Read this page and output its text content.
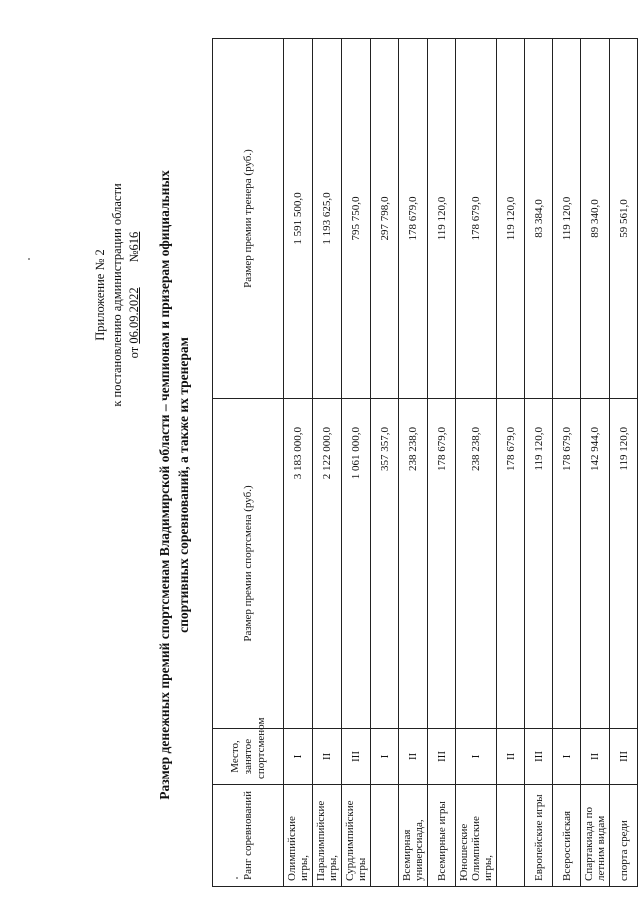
Приложение № 2 к постановлению администрации области от 06.09.2022        №616 Размер денежных премий спортсменам Владимирской области – чемпионам и призерам официальных спортивных соревнований, а также их тренерам
Ранг соревнований	Место, занятое спортсменом	Размер премии спортсмена (руб.)	Размер премии тренера (руб.)
Олимпийские игры,	I	3 183 000,0	1 591 500,0
Паралимпийские игры,	II	2 122 000,0	1 193 625,0
Сурдлимпийские игры	III	1 061 000,0	795 750,0
	I	357 357,0	297 798,0
Всемирная универсиада,	II	238 238,0	178 679,0
Всемирные игры	III	178 679,0	119 120,0
Юношеские Олимпийские игры,	I	238 238,0	178 679,0
	II	178 679,0	119 120,0
Европейские игры	III	119 120,0	83 384,0
Всероссийская	I	178 679,0	119 120,0
Спартакиада по летним видам	II	142 944,0	89 340,0
спорта среди	III	119 120,0	59 561,0
